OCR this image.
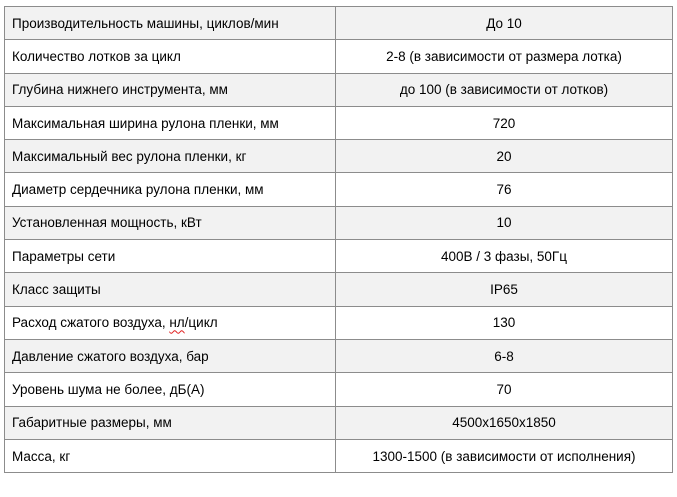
Производительность машины, циклов/мин	До 10
Количество лотков за цикл	2-8 (в зависимости от размера лотка)
Глубина нижнего инструмента, мм	до 100 (в зависимости от лотков)
Максимальная ширина рулона пленки, мм	720
Максимальный вес рулона пленки, кг	20
Диаметр сердечника рулона пленки, мм	76
Установленная мощность, кВт	10
Параметры сети	400В / 3 фазы, 50Гц
Класс защиты	IP65
Расход сжатого воздуха, нл/цикл	130
Давление сжатого воздуха, бар	6-8
Уровень шума не более, дБ(А)	70
Габаритные размеры, мм	4500x1650x1850
Масса, кг	1300-1500 (в зависимости от исполнения)
